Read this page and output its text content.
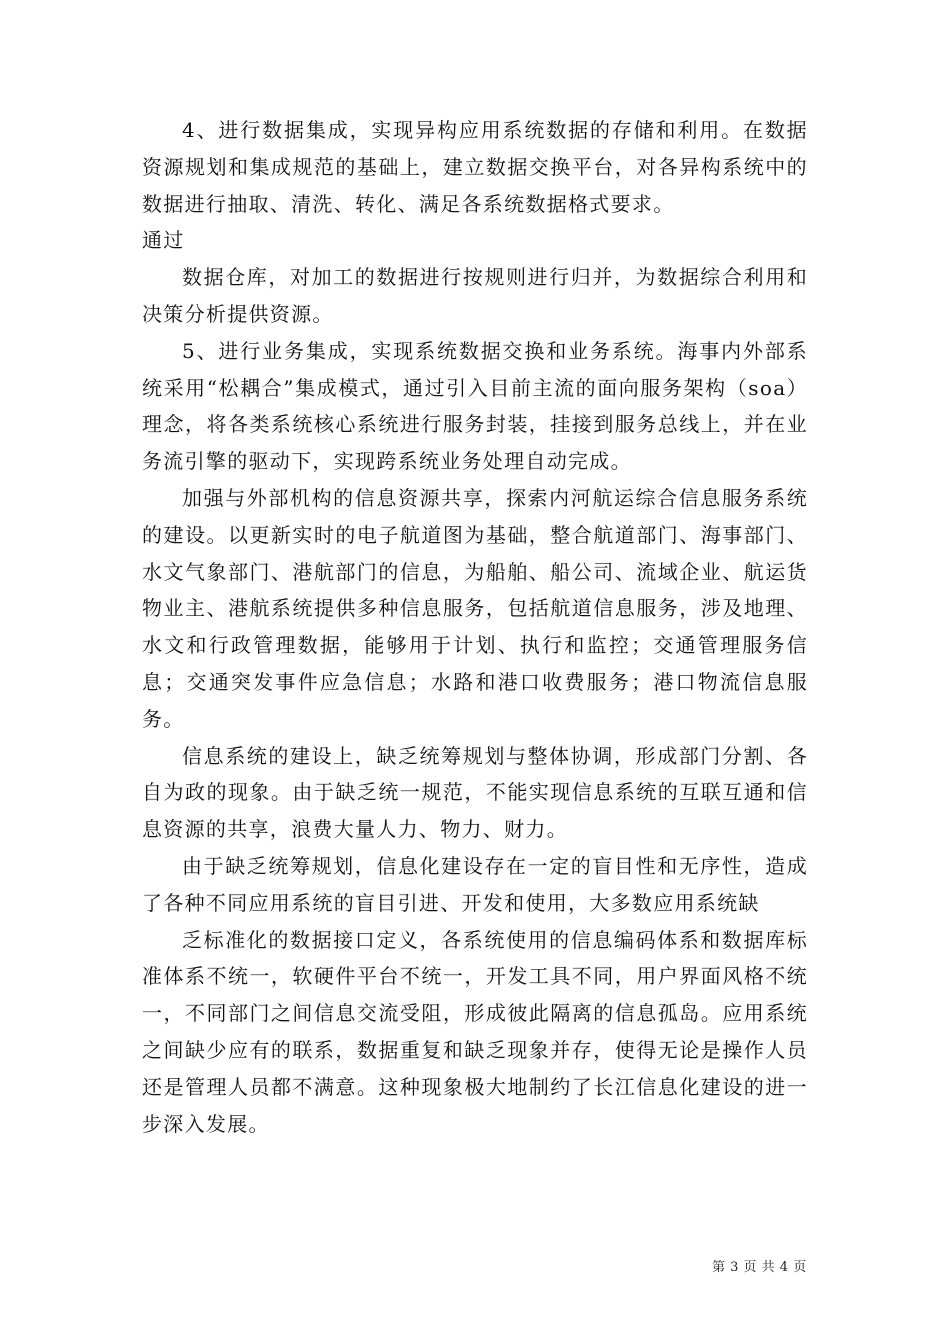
4、进行数据集成，实现异构应用系统数据的存储和利用。在数据资源规划和集成规范的基础上，建立数据交换平台，对各异构系统中的数据进行抽取、清洗、转化、满足各系统数据格式要求。

通过

数据仓库，对加工的数据进行按规则进行归并，为数据综合利用和决策分析提供资源。

5、进行业务集成，实现系统数据交换和业务系统。海事内外部系统采用“松耦合”集成模式，通过引入目前主流的面向服务架构（soa）理念，将各类系统核心系统进行服务封装，挂接到服务总线上，并在业务流引擎的驱动下，实现跨系统业务处理自动完成。

加强与外部机构的信息资源共享，探索内河航运综合信息服务系统的建设。以更新实时的电子航道图为基础，整合航道部门、海事部门、水文气象部门、港航部门的信息，为船舶、船公司、流域企业、航运货物业主、港航系统提供多种信息服务，包括航道信息服务，涉及地理、水文和行政管理数据，能够用于计划、执行和监控；交通管理服务信息；交通突发事件应急信息；水路和港口收费服务；港口物流信息服务。

信息系统的建设上，缺乏统筹规划与整体协调，形成部门分割、各自为政的现象。由于缺乏统一规范，不能实现信息系统的互联互通和信息资源的共享，浪费大量人力、物力、财力。

由于缺乏统筹规划，信息化建设存在一定的盲目性和无序性，造成了各种不同应用系统的盲目引进、开发和使用，大多数应用系统缺

乏标准化的数据接口定义，各系统使用的信息编码体系和数据库标准体系不统一，软硬件平台不统一，开发工具不同，用户界面风格不统一，不同部门之间信息交流受阻，形成彼此隔离的信息孤岛。应用系统之间缺少应有的联系，数据重复和缺乏现象并存，使得无论是操作人员还是管理人员都不满意。这种现象极大地制约了长江信息化建设的进一步深入发展。

第 3 页 共 4 页
